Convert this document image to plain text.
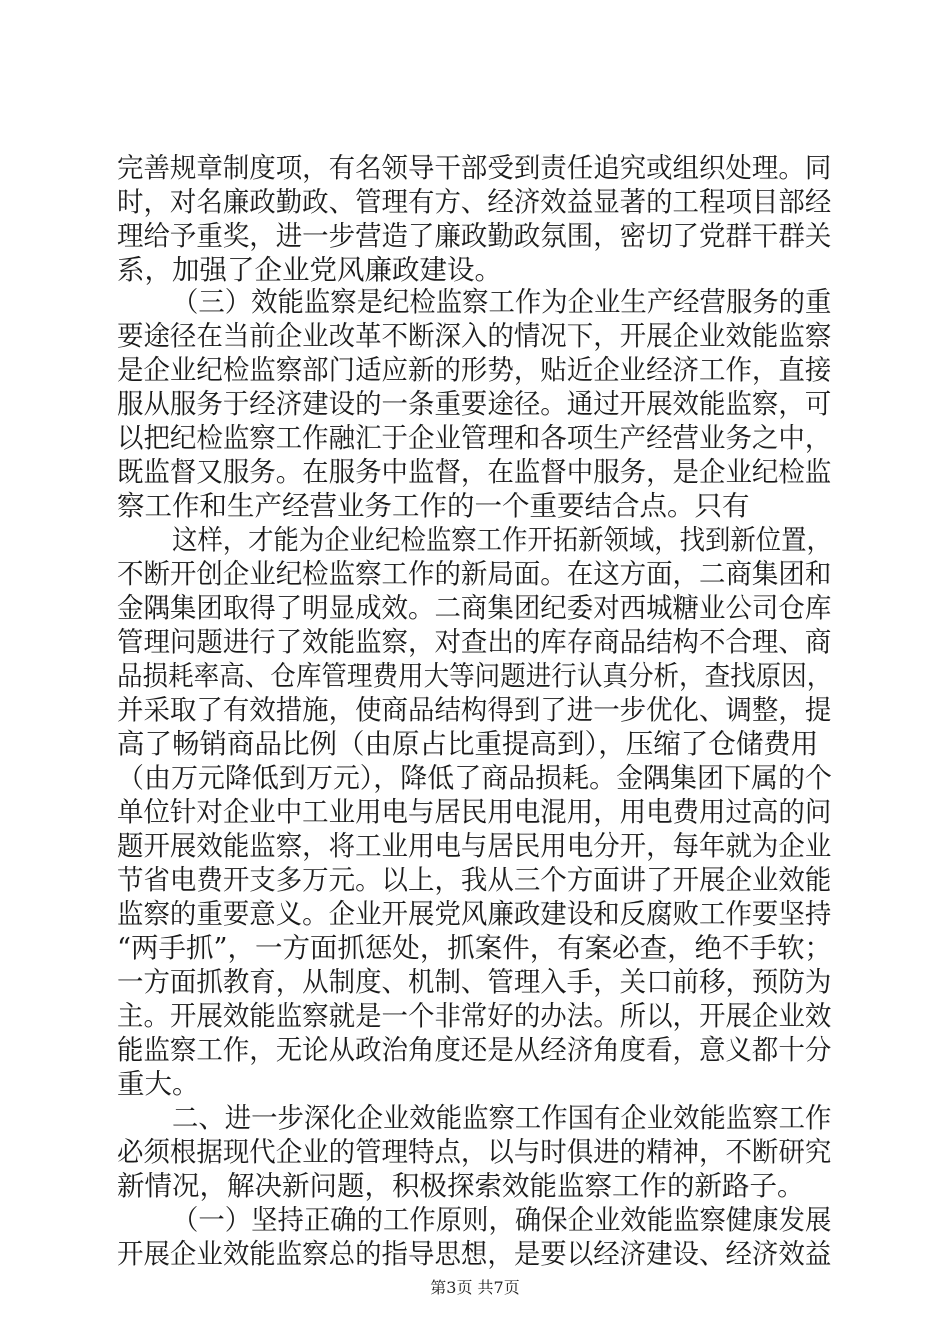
完善规章制度项，有名领导干部受到责任追究或组织处理。同
时，对名廉政勤政、管理有方、经济效益显著的工程项目部经
理给予重奖，进一步营造了廉政勤政氛围，密切了党群干群关
系，加强了企业党风廉政建设。
（三）效能监察是纪检监察工作为企业生产经营服务的重
要途径在当前企业改革不断深入的情况下，开展企业效能监察
是企业纪检监察部门适应新的形势，贴近企业经济工作，直接
服从服务于经济建设的一条重要途径。通过开展效能监察，可
以把纪检监察工作融汇于企业管理和各项生产经营业务之中，
既监督又服务。在服务中监督，在监督中服务，是企业纪检监
察工作和生产经营业务工作的一个重要结合点。只有
这样，才能为企业纪检监察工作开拓新领域，找到新位置，
不断开创企业纪检监察工作的新局面。在这方面，二商集团和
金隅集团取得了明显成效。二商集团纪委对西城糖业公司仓库
管理问题进行了效能监察，对查出的库存商品结构不合理、商
品损耗率高、仓库管理费用大等问题进行认真分析，查找原因，
并采取了有效措施，使商品结构得到了进一步优化、调整，提
高了畅销商品比例（由原占比重提高到），压缩了仓储费用
（由万元降低到万元），降低了商品损耗。金隅集团下属的个
单位针对企业中工业用电与居民用电混用，用电费用过高的问
题开展效能监察，将工业用电与居民用电分开，每年就为企业
节省电费开支多万元。以上，我从三个方面讲了开展企业效能
监察的重要意义。企业开展党风廉政建设和反腐败工作要坚持
“两手抓”，一方面抓惩处，抓案件，有案必查，绝不手软；
一方面抓教育，从制度、机制、管理入手，关口前移，预防为
主。开展效能监察就是一个非常好的办法。所以，开展企业效
能监察工作，无论从政治角度还是从经济角度看，意义都十分
重大。
二、进一步深化企业效能监察工作国有企业效能监察工作
必须根据现代企业的管理特点，以与时俱进的精神，不断研究
新情况，解决新问题，积极探索效能监察工作的新路子。
（一）坚持正确的工作原则，确保企业效能监察健康发展
开展企业效能监察总的指导思想，是要以经济建设、经济效益
第3页 共7页
